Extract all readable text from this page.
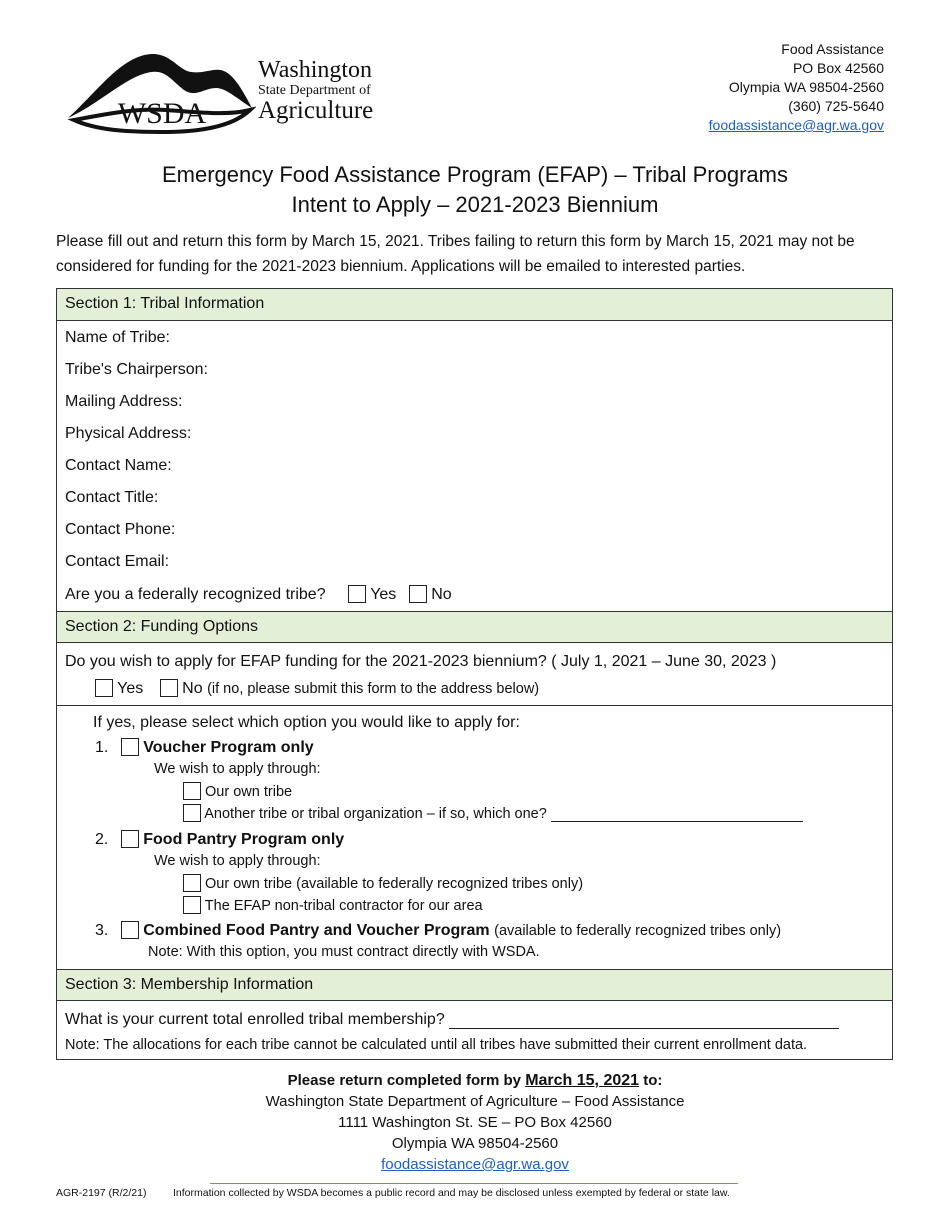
WSDA
Washington
State Department of
Agriculture
Food Assistance
PO Box 42560
Olympia WA 98504-2560
(360) 725-5640
foodassistance@agr.wa.gov
Emergency Food Assistance Program (EFAP) – Tribal Programs
Intent to Apply – 2021-2023 Biennium
Please fill out and return this form by March 15, 2021. Tribes failing to return this form by March 15, 2021 may not be considered for funding for the 2021-2023 biennium. Applications will be emailed to interested parties.
Section 1: Tribal Information
Name of Tribe:
Tribe's Chairperson:
Mailing Address:
Physical Address:
Contact Name:
Contact Title:
Contact Phone:
Contact Email:
Are you a federally recognized tribe?	Yes No
Section 2: Funding Options
Do you wish to apply for EFAP funding for the 2021-2023 biennium? ( July 1, 2021 – June 30, 2023 )
Yes No (if no, please submit this form to the address below)
If yes, please select which option you would like to apply for:
1. Voucher Program only
We wish to apply through:
Our own tribe
Another tribe or tribal organization – if so, which one?
2. Food Pantry Program only
We wish to apply through:
Our own tribe (available to federally recognized tribes only)
The EFAP non-tribal contractor for our area
3. Combined Food Pantry and Voucher Program (available to federally recognized tribes only)
Note: With this option, you must contract directly with WSDA.
Section 3: Membership Information
What is your current total enrolled tribal membership?
Note: The allocations for each tribe cannot be calculated until all tribes have submitted their current enrollment data.
Please return completed form by March 15, 2021 to:
Washington State Department of Agriculture – Food Assistance
1111 Washington St. SE – PO Box 42560
Olympia WA 98504-2560
foodassistance@agr.wa.gov
AGR-2197 (R/2/21)	Information collected by WSDA becomes a public record and may be disclosed unless exempted by federal or state law.
